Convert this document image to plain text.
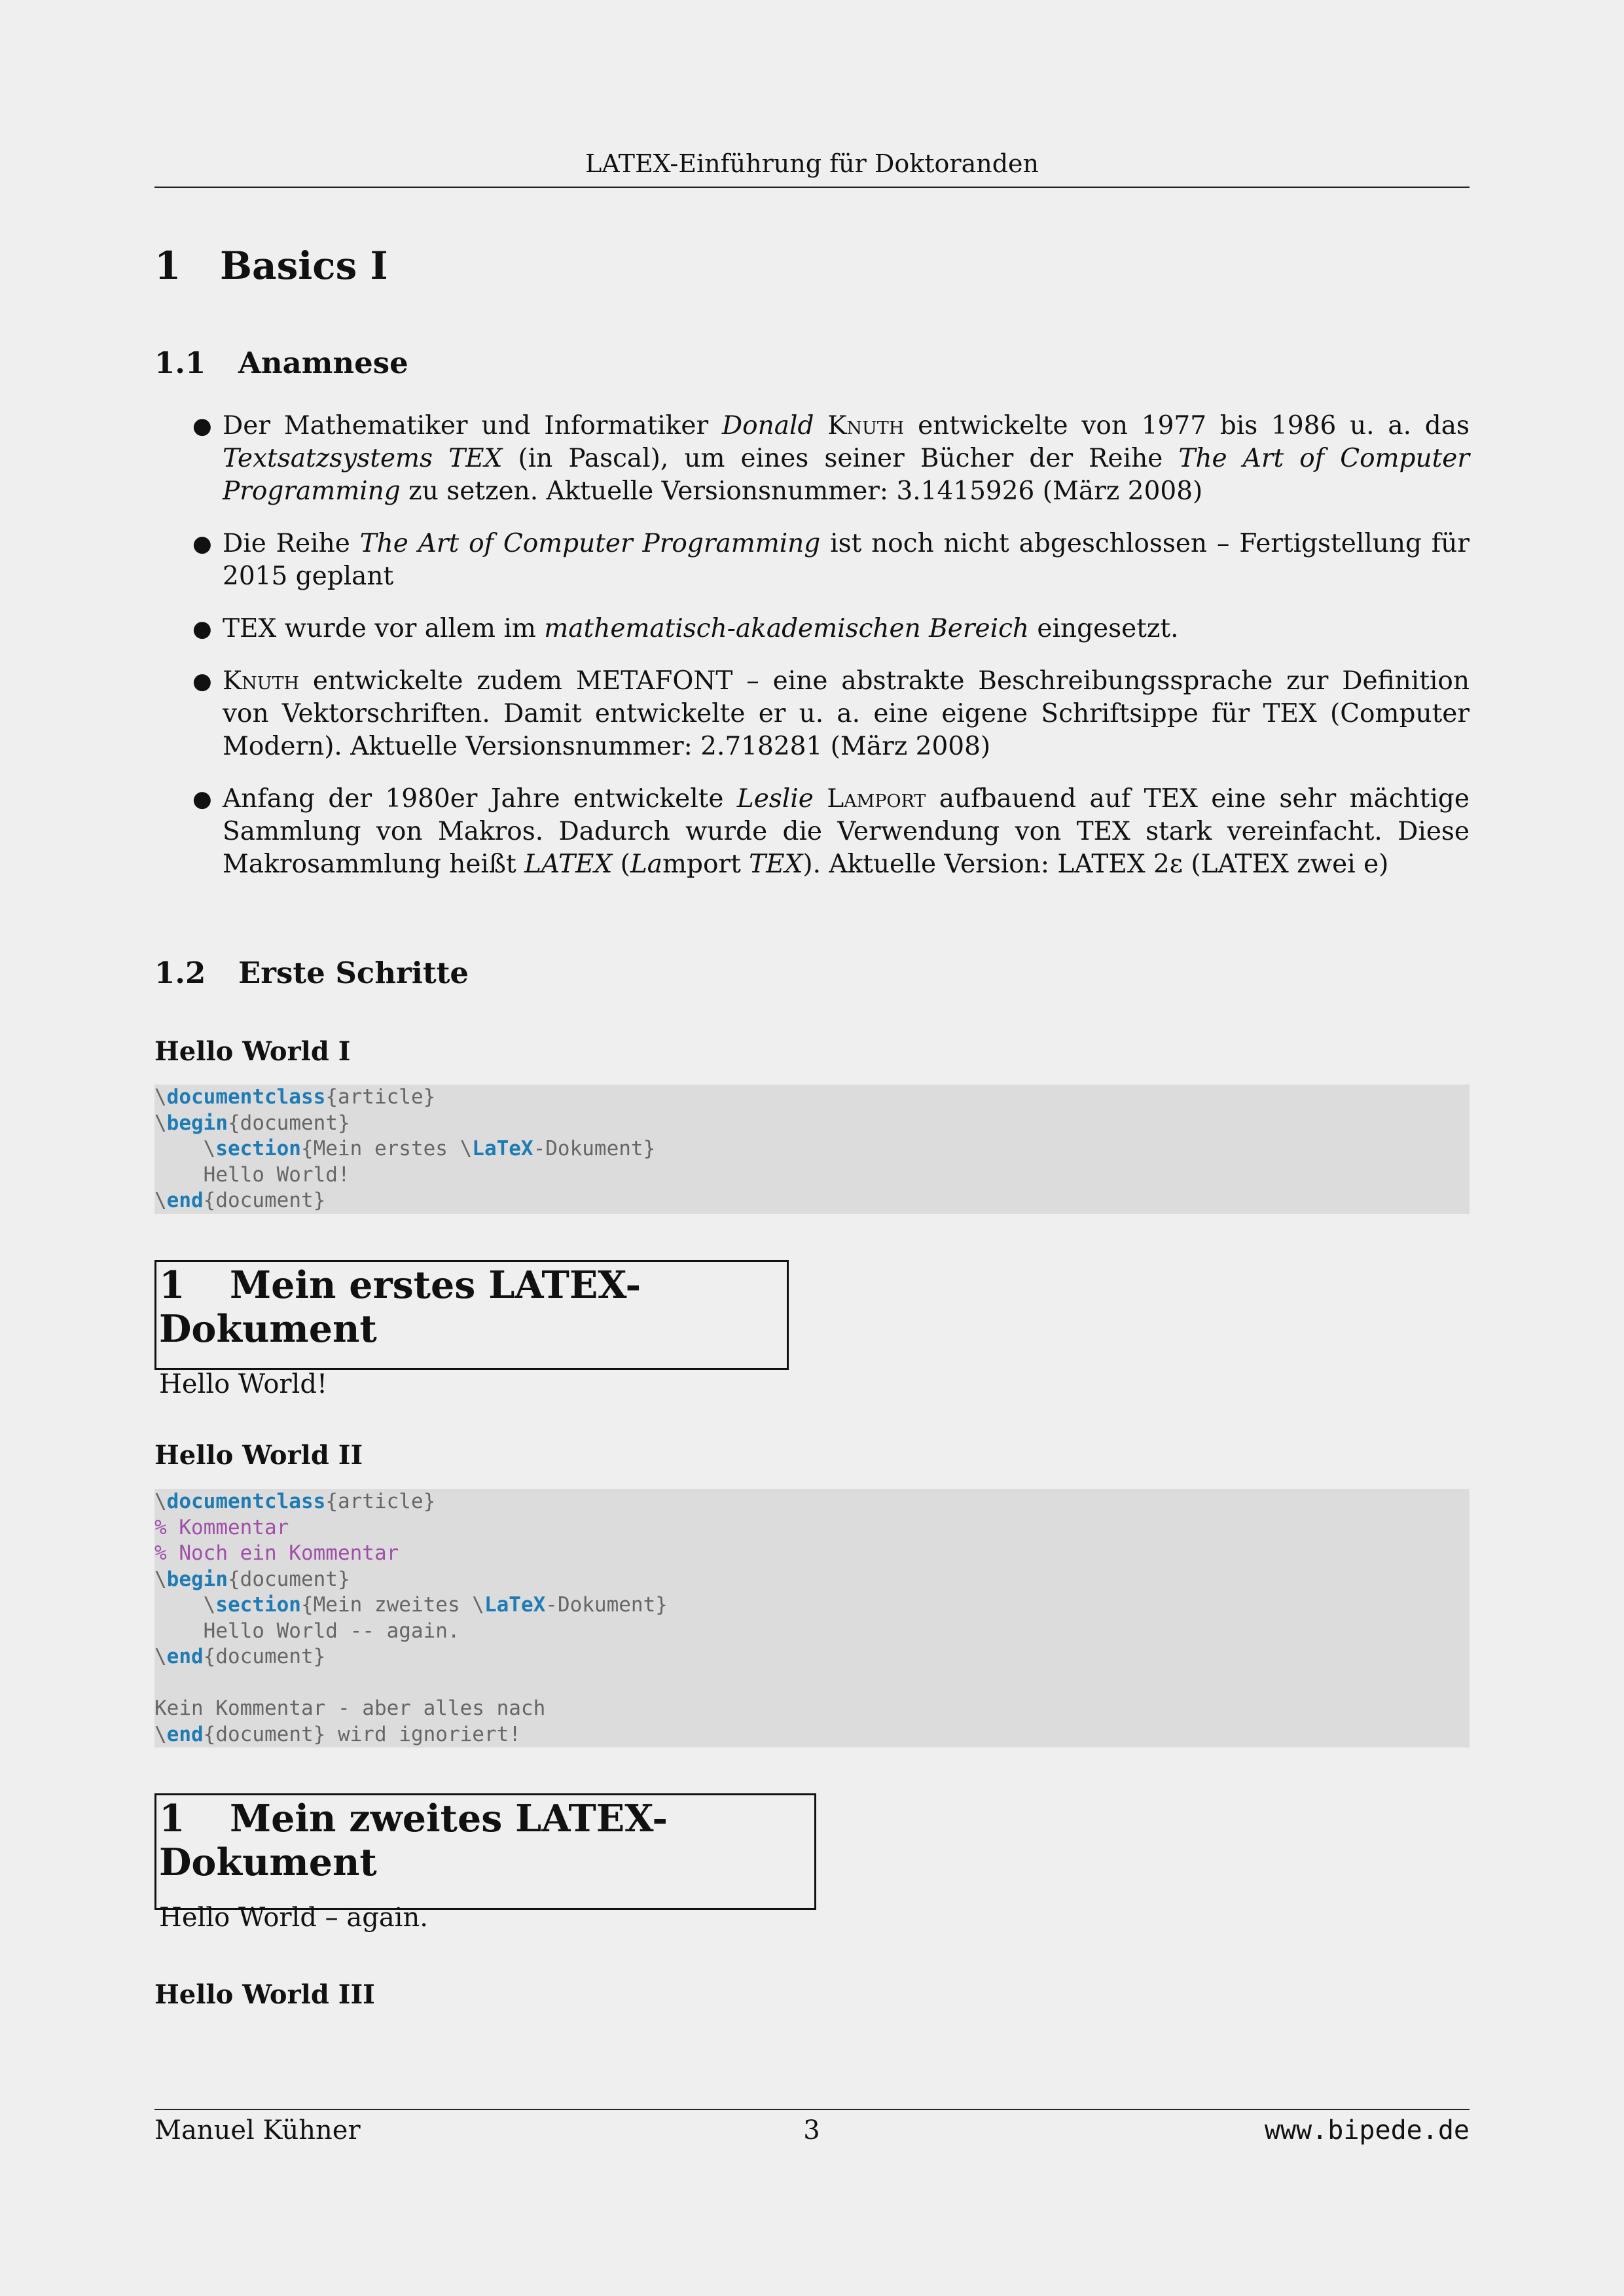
LATEX-Einführung für Doktoranden
1 Basics I
1.1 Anamnese
● Der Mathematiker und Informatiker Donald Knuth entwickelte von 1977 bis 1986 u. a. das Textsatzsystems TEX (in Pascal), um eines seiner Bücher der Reihe The Art of Computer Programming zu setzen. Aktuelle Versionsnummer: 3.1415926 (März 2008)
● Die Reihe The Art of Computer Programming ist noch nicht abgeschlossen – Fertigstellung für 2015 geplant
● TEX wurde vor allem im mathematisch-akademischen Bereich eingesetzt.
● Knuth entwickelte zudem METAFONT – eine abstrakte Beschreibungssprache zur Definition von Vektorschriften. Damit entwickelte er u. a. eine eigene Schriftsippe für TEX (Computer Modern). Aktuelle Versionsnummer: 2.718281 (März 2008)
● Anfang der 1980er Jahre entwickelte Leslie Lamport aufbauend auf TEX eine sehr mächtige Sammlung von Makros. Dadurch wurde die Verwendung von TEX stark vereinfacht. Diese Makrosammlung heißt LATEX (Lamport TEX). Aktuelle Version: LATEX 2ε (LATEX zwei e)
1.2 Erste Schritte
Hello World I
\documentclass{article}
\begin{document}
\section{Mein erstes \LaTeX-Dokument}
Hello World!
\end{document}
1 Mein erstes LATEX-Dokument
Hello World!
Hello World II
\documentclass{article}
% Kommentar
% Noch ein Kommentar
\begin{document}
\section{Mein zweites \LaTeX-Dokument}
Hello World -- again.
\end{document}

Kein Kommentar - aber alles nach
\end{document} wird ignoriert!
1 Mein zweites LATEX-Dokument
Hello World – again.
Hello World III
Manuel Kühner	3	www.bipede.de
